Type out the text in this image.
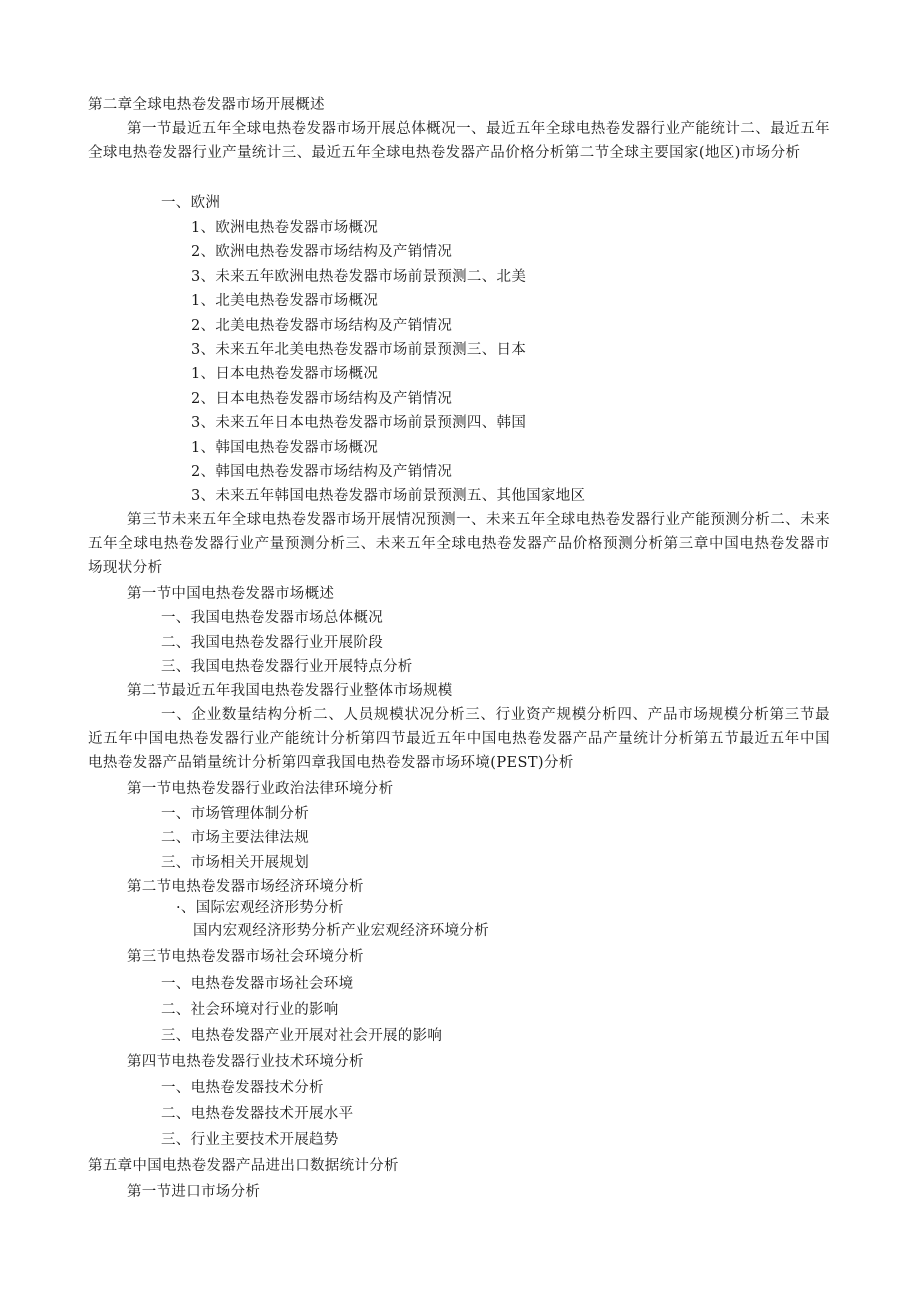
第二章全球电热卷发器市场开展概述
第一节最近五年全球电热卷发器市场开展总体概况一、最近五年全球电热卷发器行业产能统计二、最近五年全球电热卷发器行业产量统计三、最近五年全球电热卷发器产品价格分析第二节全球主要国家(地区)市场分析
一、欧洲
1、欧洲电热卷发器市场概况
2、欧洲电热卷发器市场结构及产销情况
3、未来五年欧洲电热卷发器市场前景预测二、北美
1、北美电热卷发器市场概况
2、北美电热卷发器市场结构及产销情况
3、未来五年北美电热卷发器市场前景预测三、日本
1、日本电热卷发器市场概况
2、日本电热卷发器市场结构及产销情况
3、未来五年日本电热卷发器市场前景预测四、韩国
1、韩国电热卷发器市场概况
2、韩国电热卷发器市场结构及产销情况
3、未来五年韩国电热卷发器市场前景预测五、其他国家地区
第三节未来五年全球电热卷发器市场开展情况预测一、未来五年全球电热卷发器行业产能预测分析二、未来五年全球电热卷发器行业产量预测分析三、未来五年全球电热卷发器产品价格预测分析第三章中国电热卷发器市场现状分析
第一节中国电热卷发器市场概述
一、我国电热卷发器市场总体概况
二、我国电热卷发器行业开展阶段
三、我国电热卷发器行业开展特点分析
第二节最近五年我国电热卷发器行业整体市场规模
一、企业数量结构分析二、人员规模状况分析三、行业资产规模分析四、产品市场规模分析第三节最近五年中国电热卷发器行业产能统计分析第四节最近五年中国电热卷发器产品产量统计分析第五节最近五年中国电热卷发器产品销量统计分析第四章我国电热卷发器市场环境(PEST)分析
第一节电热卷发器行业政治法律环境分析
一、市场管理体制分析
二、市场主要法律法规
三、市场相关开展规划
第二节电热卷发器市场经济环境分析
·、国际宏观经济形势分析
国内宏观经济形势分析产业宏观经济环境分析
第三节电热卷发器市场社会环境分析
一、电热卷发器市场社会环境
二、社会环境对行业的影响
三、电热卷发器产业开展对社会开展的影响
第四节电热卷发器行业技术环境分析
一、电热卷发器技术分析
二、电热卷发器技术开展水平
三、行业主要技术开展趋势
第五章中国电热卷发器产品进出口数据统计分析
第一节进口市场分析
